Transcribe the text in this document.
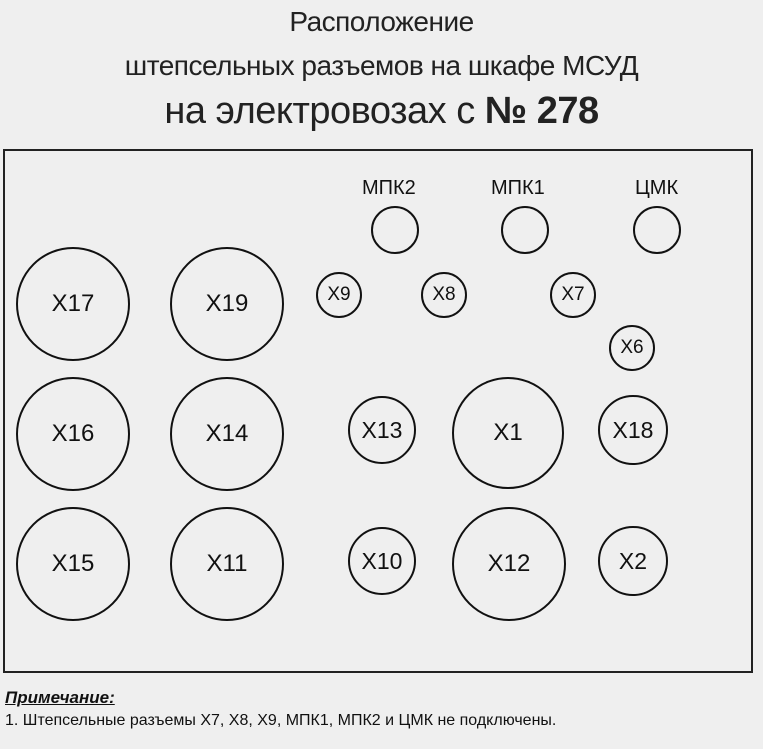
Расположение
штепсельных разъемов на шкафе МСУД
на электровозах с № 278
МПК2	МПК1	ЦМК
X17	X19
X16	X14
X15	X11
X9	X8	X7
X6
X13	X1	X18
X10	X12	X2
Примечание:
1. Штепсельные разъемы Х7, Х8, Х9, МПК1, МПК2 и ЦМК не подключены.
